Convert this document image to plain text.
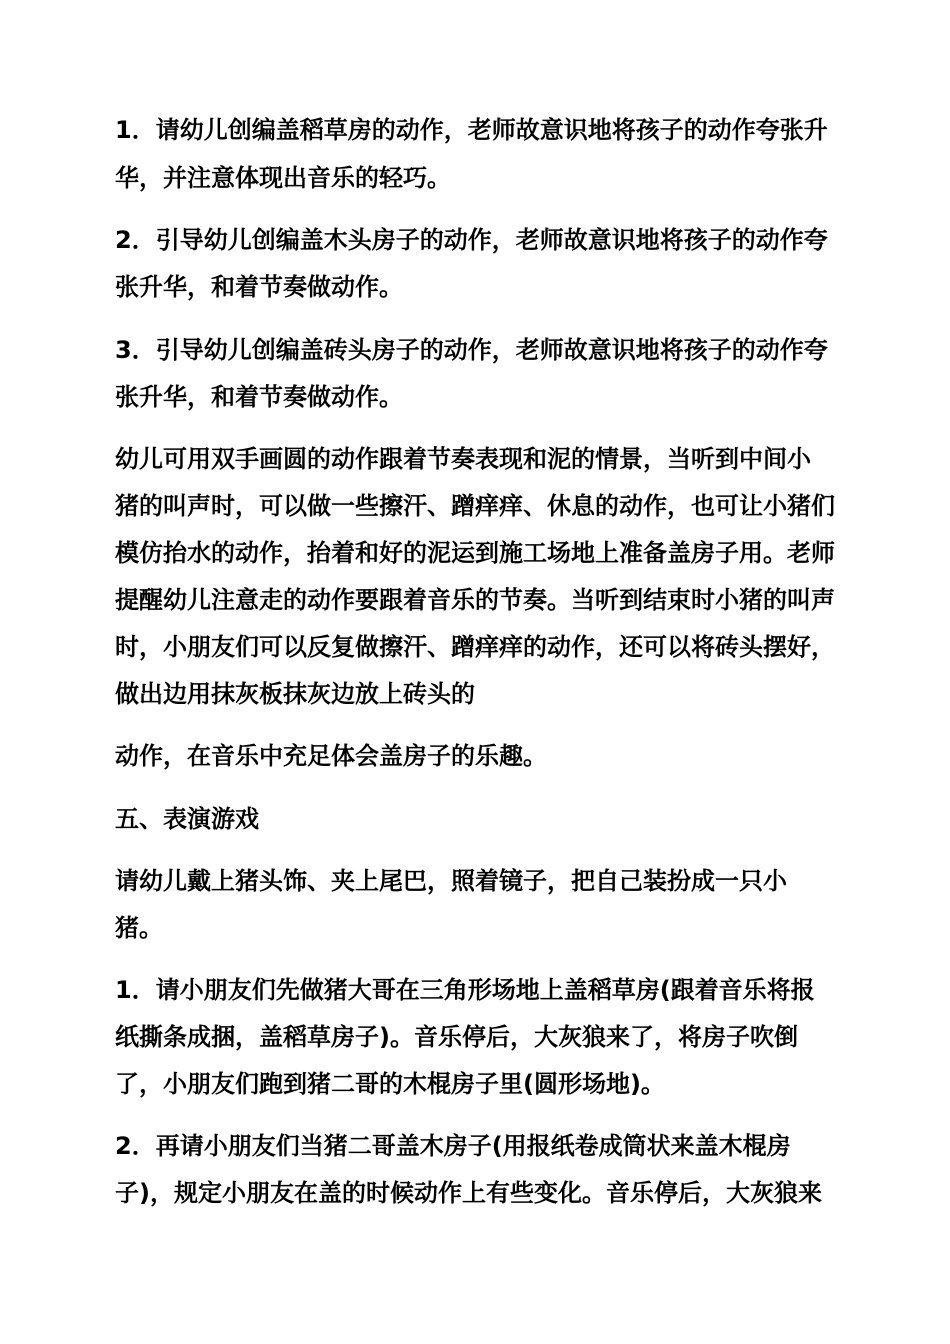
1．请幼儿创编盖稻草房的动作，老师故意识地将孩子的动作夸张升
华，并注意体现出音乐的轻巧。
2．引导幼儿创编盖木头房子的动作，老师故意识地将孩子的动作夸
张升华，和着节奏做动作。
3．引导幼儿创编盖砖头房子的动作，老师故意识地将孩子的动作夸
张升华，和着节奏做动作。
幼儿可用双手画圆的动作跟着节奏表现和泥的情景，当听到中间小
猪的叫声时，可以做一些擦汗、蹭痒痒、休息的动作，也可让小猪们
模仿抬水的动作，抬着和好的泥运到施工场地上准备盖房子用。老师
提醒幼儿注意走的动作要跟着音乐的节奏。当听到结束时小猪的叫声
时，小朋友们可以反复做擦汗、蹭痒痒的动作，还可以将砖头摆好，
做出边用抹灰板抹灰边放上砖头的
动作，在音乐中充足体会盖房子的乐趣。
五、表演游戏
请幼儿戴上猪头饰、夹上尾巴，照着镜子，把自己装扮成一只小
猪。
1．请小朋友们先做猪大哥在三角形场地上盖稻草房(跟着音乐将报
纸撕条成捆，盖稻草房子)。音乐停后，大灰狼来了，将房子吹倒
了，小朋友们跑到猪二哥的木棍房子里(圆形场地)。
2．再请小朋友们当猪二哥盖木房子(用报纸卷成筒状来盖木棍房
子)，规定小朋友在盖的时候动作上有些变化。音乐停后，大灰狼来
